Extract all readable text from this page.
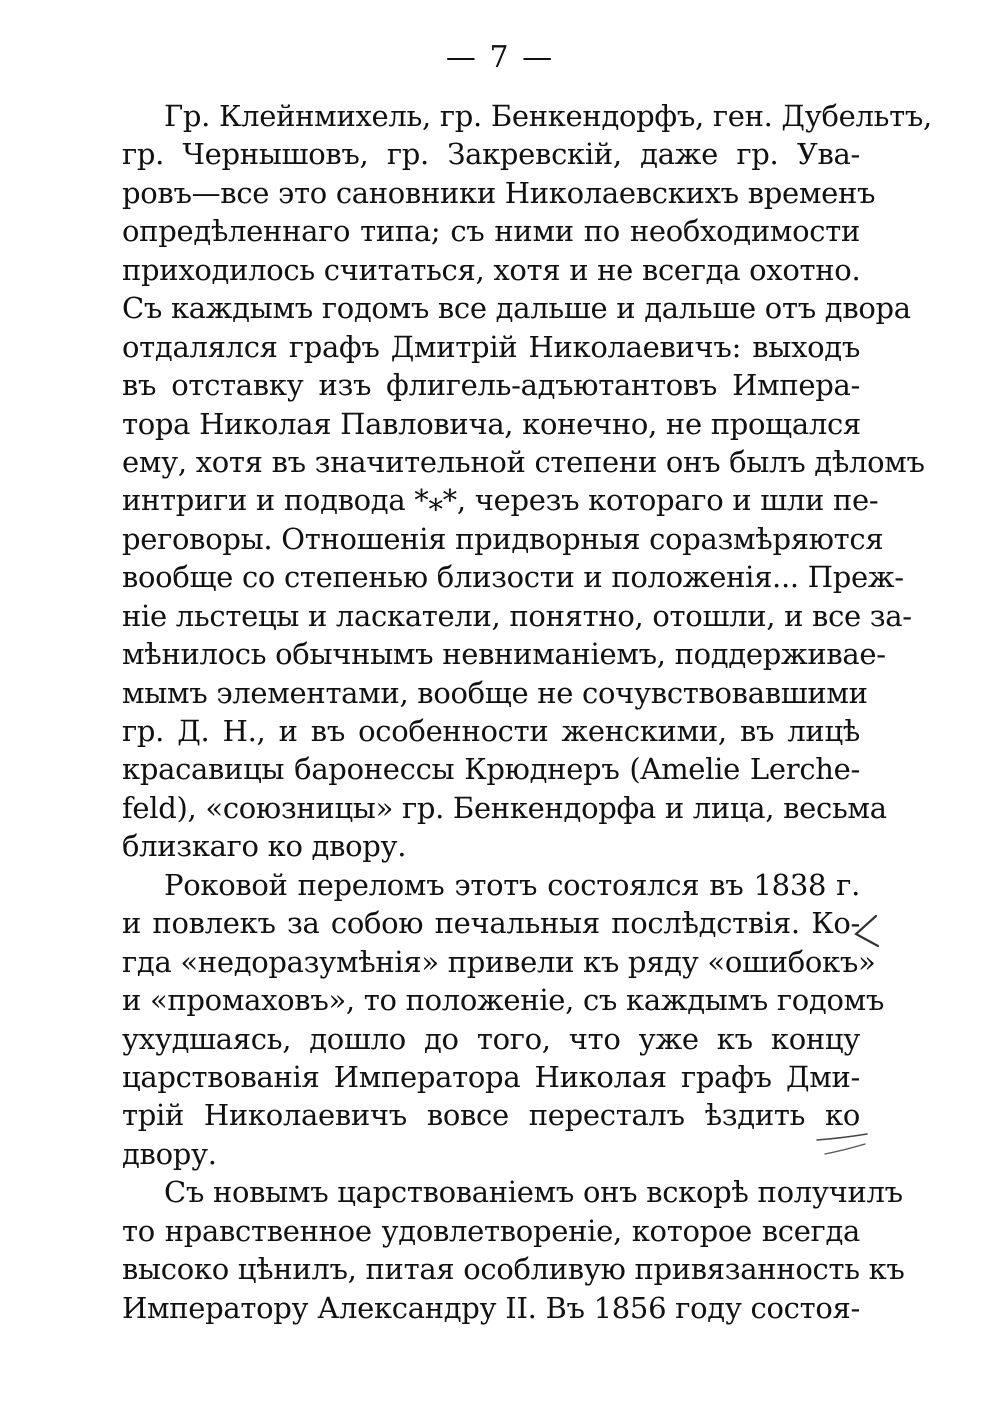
— 7 —
Гр. Клейнмихель, гр. Бенкендорфъ, ген. Дубельтъ,
гр. Чернышовъ, гр. Закревскій, даже гр. Ува-
ровъ—все это сановники Николаевскихъ временъ
опредѣленнаго типа; съ ними по необходимости
приходилось считаться, хотя и не всегда охотно.
Съ каждымъ годомъ все дальше и дальше отъ двора
отдалялся графъ Дмитрій Николаевичъ: выходъ
въ отставку изъ флигель-адъютантовъ Импера-
тора Николая Павловича, конечно, не прощался
ему, хотя въ значительной степени онъ былъ дѣломъ
интриги и подвода *⁎*, черезъ котораго и шли пе-
реговоры. Отношенія придворныя соразмѣряются
вообще со степенью близости и положенія... Преж-
ніе льстецы и ласкатели, понятно, отошли, и все за-
мѣнилось обычнымъ невниманіемъ, поддерживае-
мымъ элементами, вообще не сочувствовавшими
гр. Д. Н., и въ особенности женскими, въ лицѣ
красавицы баронессы Крюднеръ (Amelie Lerche-
feld), «союзницы» гр. Бенкендорфа и лица, весьма
близкаго ко двору.
Роковой переломъ этотъ состоялся въ 1838 г.
и повлекъ за собою печальныя послѣдствія. Ко-
гда «недоразумѣнія» привели къ ряду «ошибокъ»
и «промаховъ», то положеніе, съ каждымъ годомъ
ухудшаясь, дошло до того, что уже къ концу
царствованія Императора Николая графъ Дми-
трій Николаевичъ вовсе пересталъ ѣздить ко
двору.
Съ новымъ царствованіемъ онъ вскорѣ получилъ
то нравственное удовлетвореніе, которое всегда
высоко цѣнилъ, питая особливую привязанность къ
Императору Александру II. Въ 1856 году состоя-
